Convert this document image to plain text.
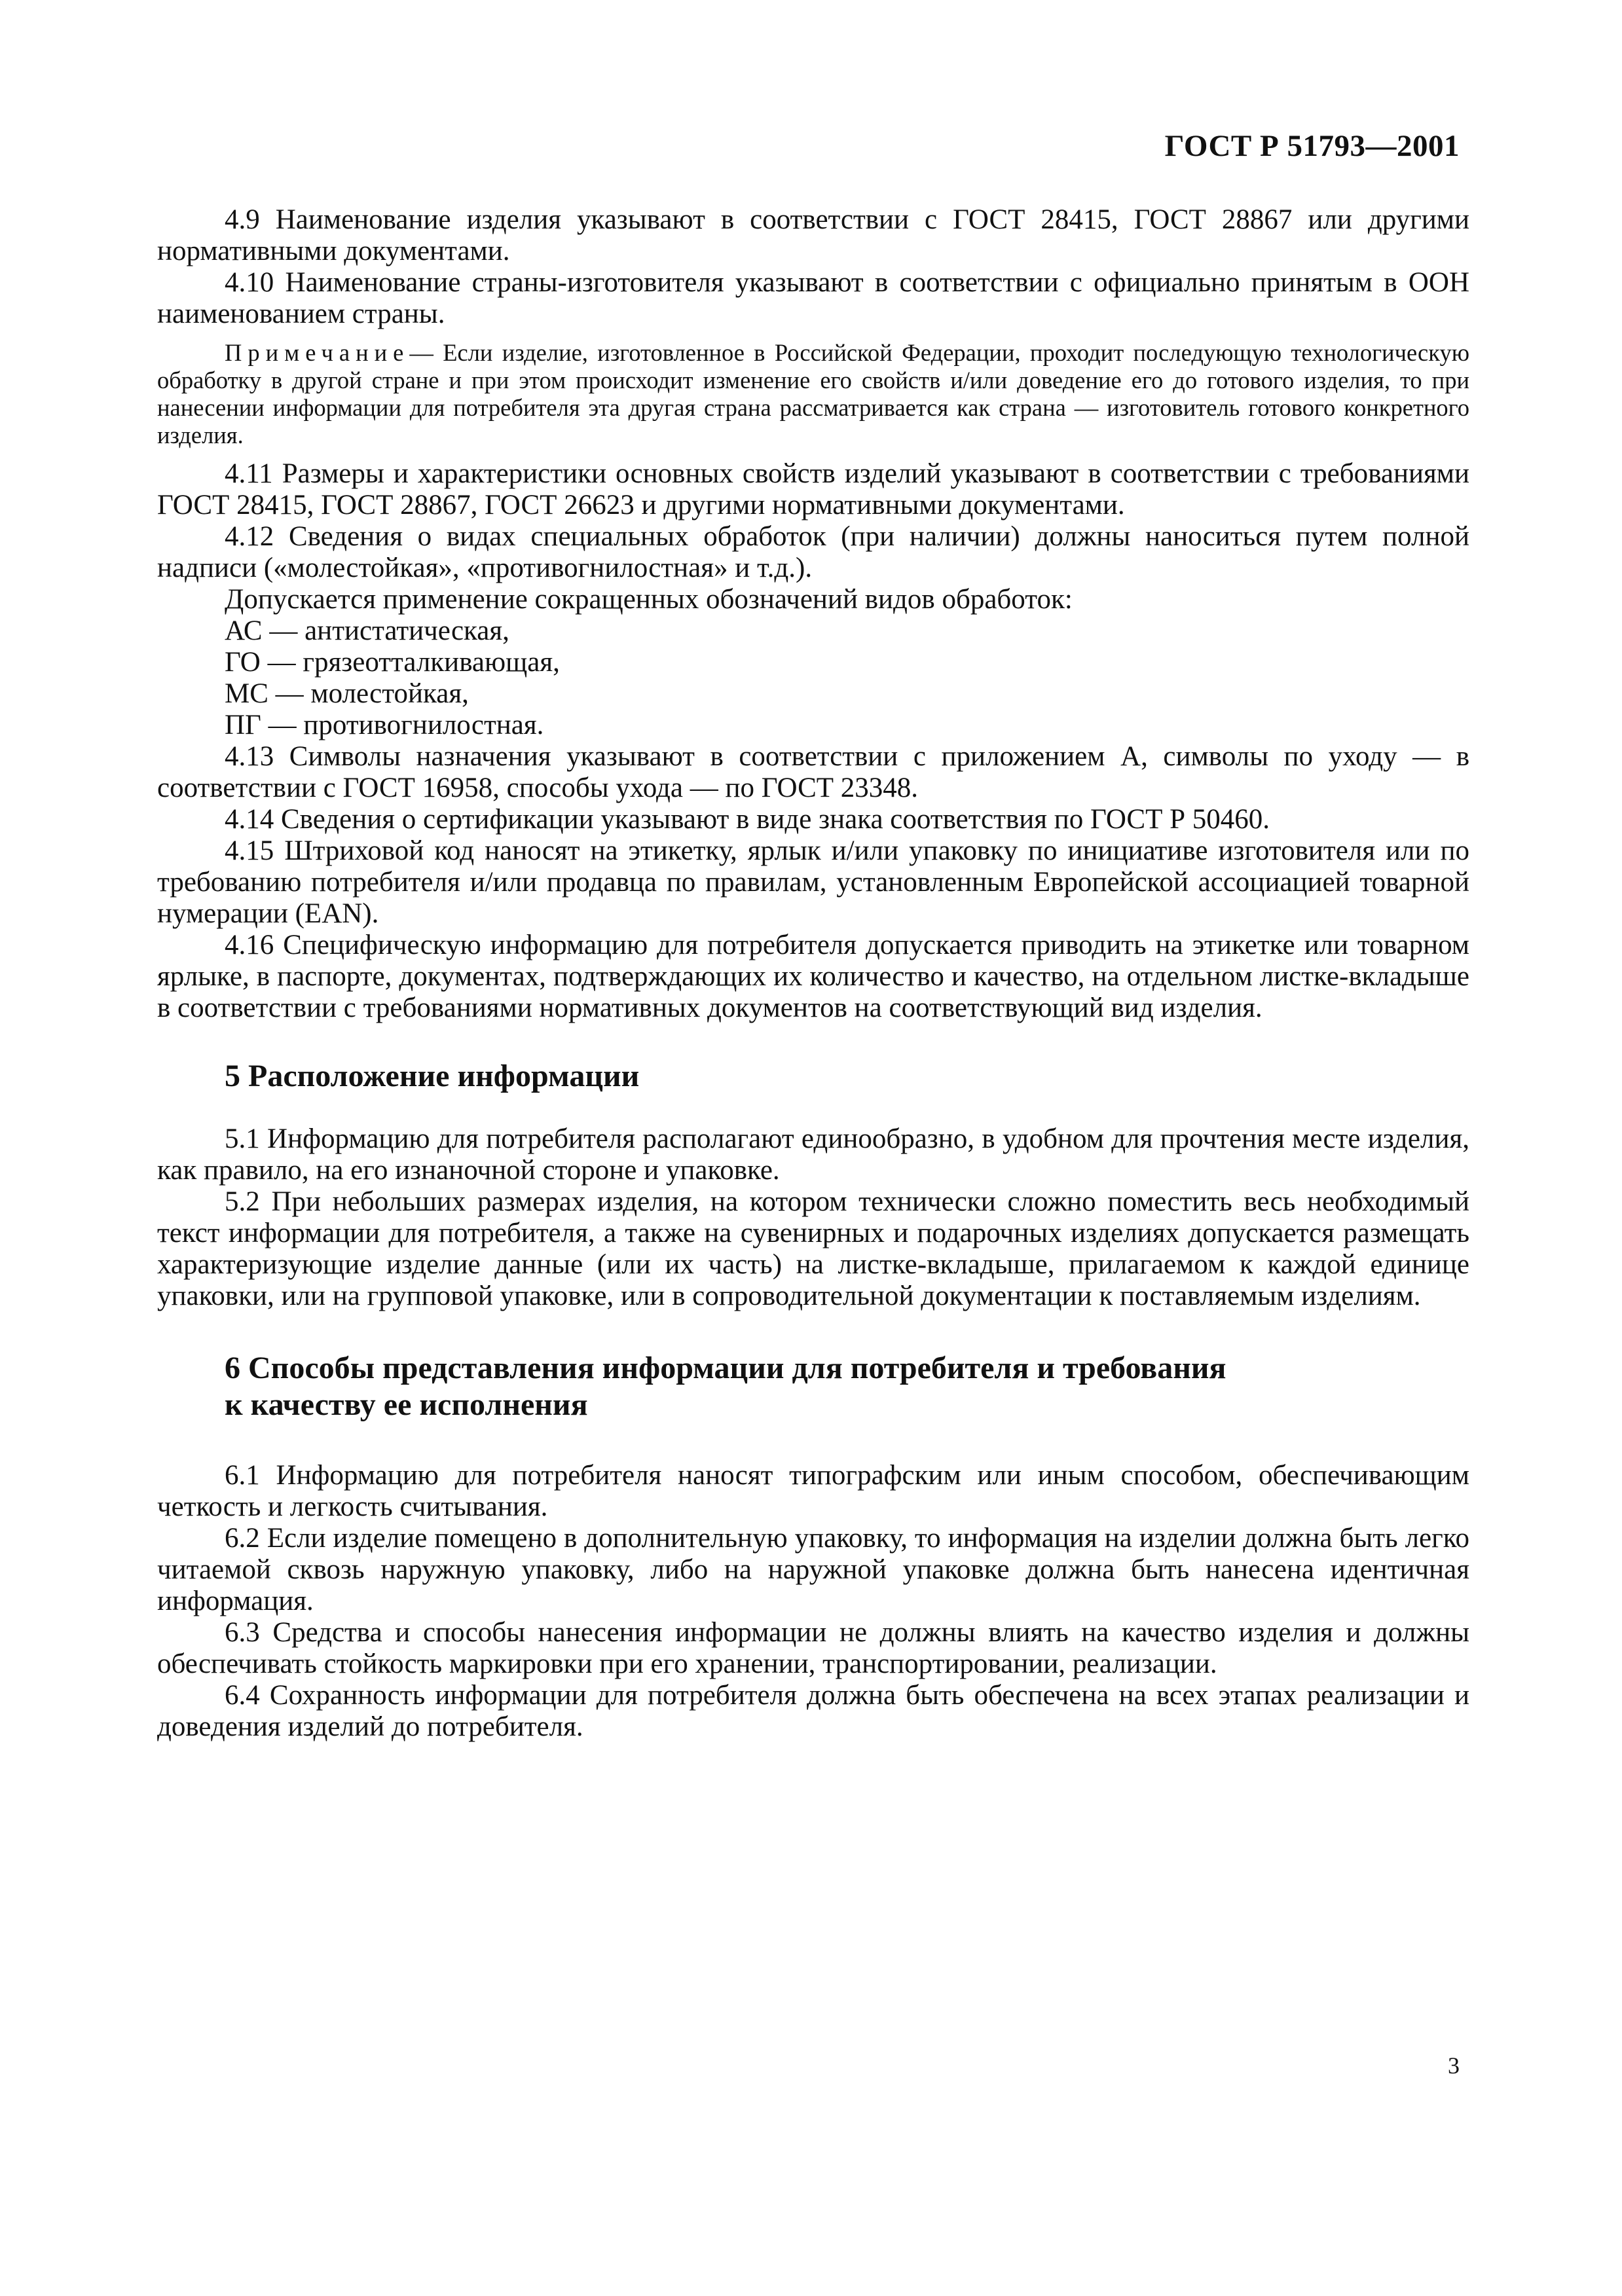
ГОСТ Р 51793—2001

4.9 Наименование изделия указывают в соответствии с ГОСТ 28415, ГОСТ 28867 или другими нормативными документами.

4.10 Наименование страны-изготовителя указывают в соответствии с официально принятым в ООН наименованием страны.

Примечание— Если изделие, изготовленное в Российской Федерации, проходит последующую технологическую обработку в другой стране и при этом происходит изменение его свойств и/или доведение его до готового изделия, то при нанесении информации для потребителя эта другая страна рассматривается как страна — изготовитель готового конкретного изделия.

4.11 Размеры и характеристики основных свойств изделий указывают в соответствии с требованиями ГОСТ 28415, ГОСТ 28867, ГОСТ 26623 и другими нормативными документами.

4.12 Сведения о видах специальных обработок (при наличии) должны наноситься путем полной надписи («молестойкая», «противогнилостная» и т.д.).

Допускается применение сокращенных обозначений видов обработок:

АС — антистатическая,

ГО — грязеотталкивающая,

МС — молестойкая,

ПГ — противогнилостная.

4.13 Символы назначения указывают в соответствии с приложением А, символы по уходу — в соответствии с ГОСТ 16958, способы ухода — по ГОСТ 23348.

4.14 Сведения о сертификации указывают в виде знака соответствия по ГОСТ Р 50460.

4.15 Штриховой код наносят на этикетку, ярлык и/или упаковку по инициативе изготовителя или по требованию потребителя и/или продавца по правилам, установленным Европейской ассоциацией товарной нумерации (EAN).

4.16 Специфическую информацию для потребителя допускается приводить на этикетке или товарном ярлыке, в паспорте, документах, подтверждающих их количество и качество, на отдельном листке-вкладыше в соответствии с требованиями нормативных документов на соответствующий вид изделия.

5 Расположение информации

5.1 Информацию для потребителя располагают единообразно, в удобном для прочтения месте изделия, как правило, на его изнаночной стороне и упаковке.

5.2 При небольших размерах изделия, на котором технически сложно поместить весь необходимый текст информации для потребителя, а также на сувенирных и подарочных изделиях допускается размещать характеризующие изделие данные (или их часть) на листке-вкладыше, прилагаемом к каждой единице упаковки, или на групповой упаковке, или в сопроводительной документации к поставляемым изделиям.

6 Способы представления информации для потребителя и требования
к качеству ее исполнения

6.1 Информацию для потребителя наносят типографским или иным способом, обеспечивающим четкость и легкость считывания.

6.2 Если изделие помещено в дополнительную упаковку, то информация на изделии должна быть легко читаемой сквозь наружную упаковку, либо на наружной упаковке должна быть нанесена идентичная информация.

6.3 Средства и способы нанесения информации не должны влиять на качество изделия и должны обеспечивать стойкость маркировки при его хранении, транспортировании, реализации.

6.4 Сохранность информации для потребителя должна быть обеспечена на всех этапах реализации и доведения изделий до потребителя.

3
